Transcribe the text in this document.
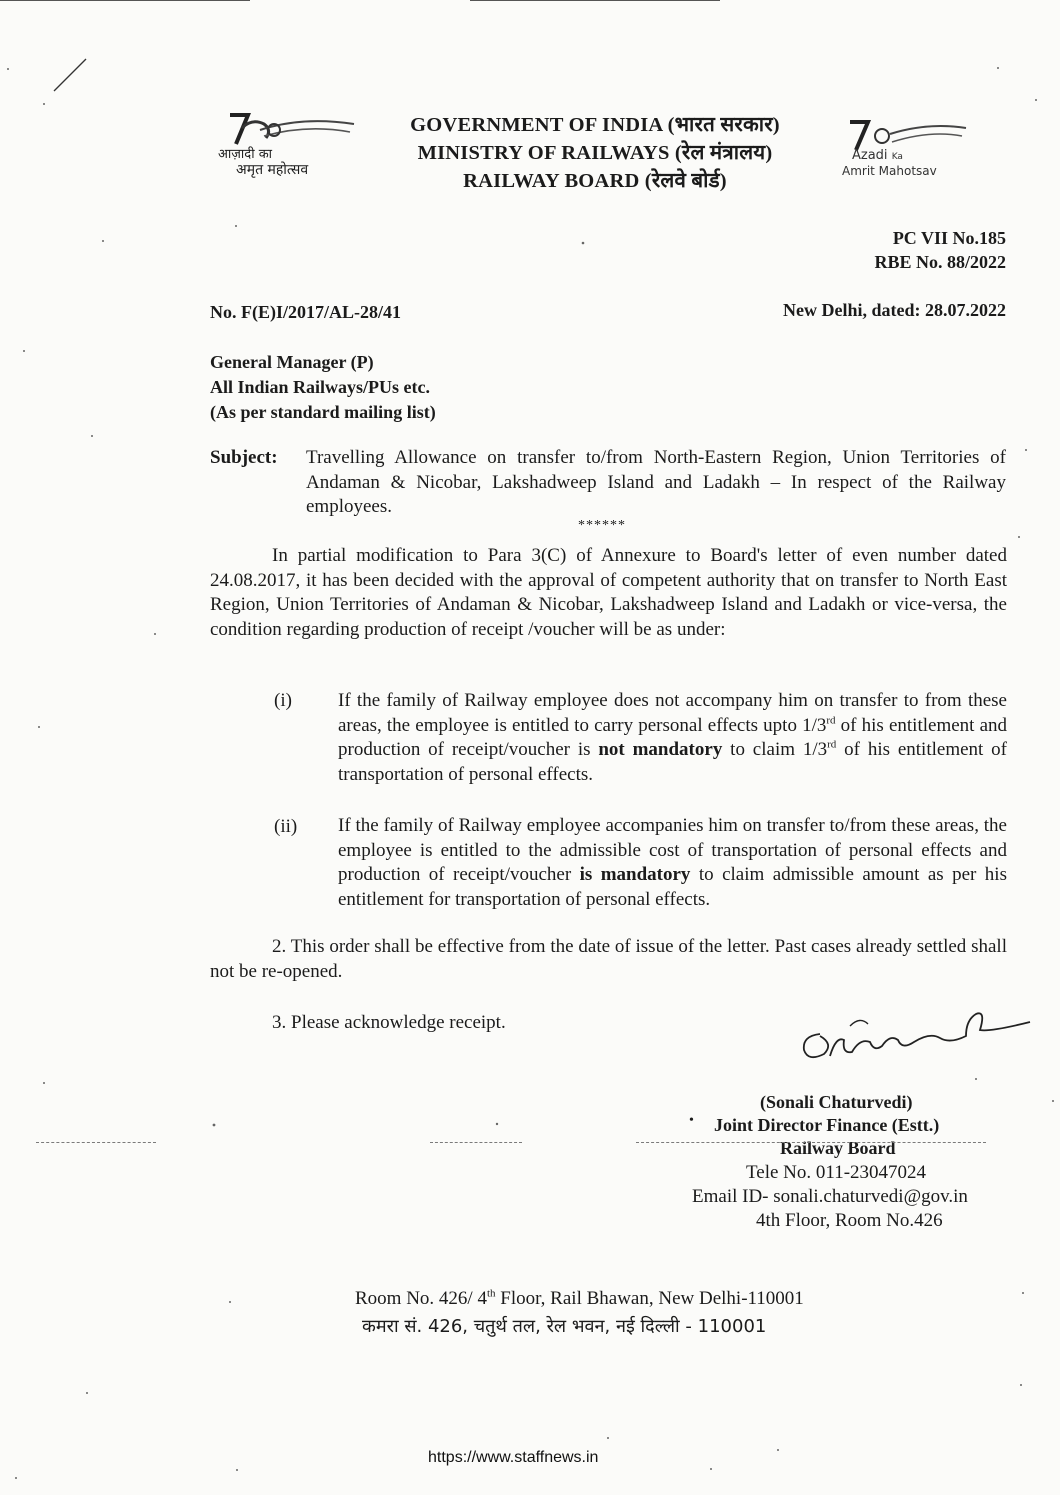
आज़ादी का
अमृत महोत्सव
GOVERNMENT OF INDIA (भारत सरकार)
MINISTRY OF RAILWAYS (रेल मंत्रालय)
RAILWAY BOARD (रेलवे बोर्ड)
Azadi Ka
Amrit Mahotsav
PC VII No.185
RBE No. 88/2022
No. F(E)I/2017/AL-28/41	New Delhi, dated: 28.07.2022
General Manager (P)
All Indian Railways/PUs etc.
(As per standard mailing list)
Subject: Travelling Allowance on transfer to/from North-Eastern Region, Union Territories of Andaman & Nicobar, Lakshadweep Island and Ladakh – In respect of the Railway employees.
******
In partial modification to Para 3(C) of Annexure to Board's letter of even number dated 24.08.2017, it has been decided with the approval of competent authority that on transfer to North East Region, Union Territories of Andaman & Nicobar, Lakshadweep Island and Ladakh or vice-versa, the condition regarding production of receipt /voucher will be as under:
(i) If the family of Railway employee does not accompany him on transfer to from these areas, the employee is entitled to carry personal effects upto 1/3rd of his entitlement and production of receipt/voucher is not mandatory to claim 1/3rd of his entitlement of transportation of personal effects.
(ii) If the family of Railway employee accompanies him on transfer to/from these areas, the employee is entitled to the admissible cost of transportation of personal effects and production of receipt/voucher is mandatory to claim admissible amount as per his entitlement for transportation of personal effects.
2. This order shall be effective from the date of issue of the letter. Past cases already settled shall not be re-opened.
3. Please acknowledge receipt.
(Sonali Chaturvedi)
• Joint Director Finance (Estt.)
Railway Board
Tele No. 011-23047024
Email ID- sonali.chaturvedi@gov.in
4th Floor, Room No.426
Room No. 426/ 4th Floor, Rail Bhawan, New Delhi-110001
कमरा सं. 426, चतुर्थ तल, रेल भवन, नई दिल्ली - 110001
https://www.staffnews.in
